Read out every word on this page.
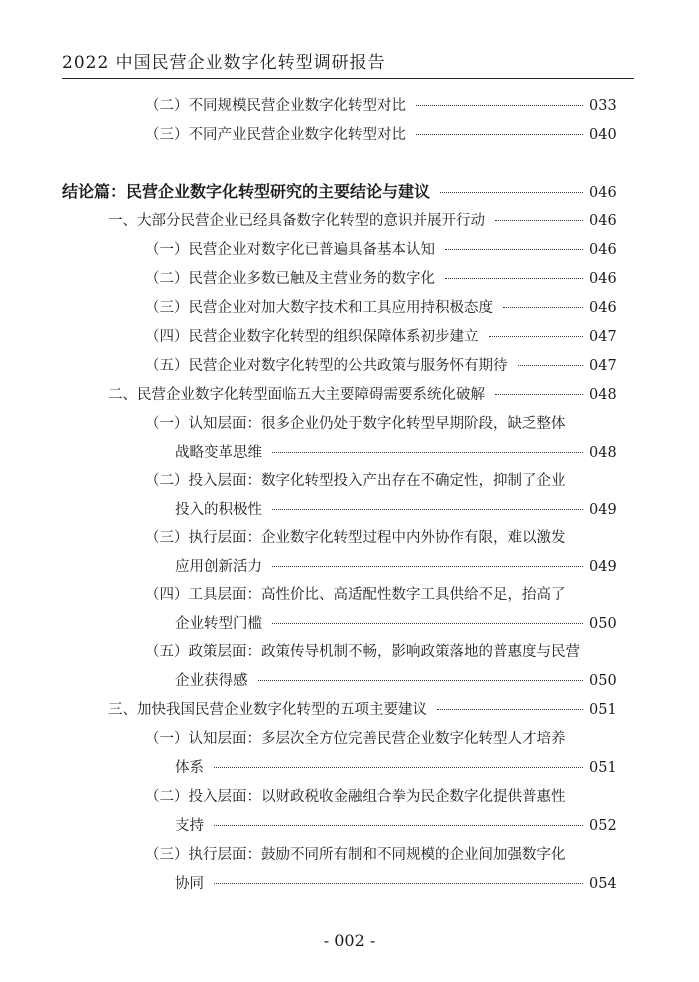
2022 中国民营企业数字化转型调研报告
（二）不同规模民营企业数字化转型对比	033
（三）不同产业民营企业数字化转型对比	040
结论篇：民营企业数字化转型研究的主要结论与建议	046
一、大部分民营企业已经具备数字化转型的意识并展开行动	046
（一）民营企业对数字化已普遍具备基本认知	046
（二）民营企业多数已触及主营业务的数字化	046
（三）民营企业对加大数字技术和工具应用持积极态度	046
（四）民营企业数字化转型的组织保障体系初步建立	047
（五）民营企业对数字化转型的公共政策与服务怀有期待	047
二、民营企业数字化转型面临五大主要障碍需要系统化破解	048
（一）认知层面：很多企业仍处于数字化转型早期阶段，缺乏整体
战略变革思维	048
（二）投入层面：数字化转型投入产出存在不确定性，抑制了企业
投入的积极性	049
（三）执行层面：企业数字化转型过程中内外协作有限，难以激发
应用创新活力	049
（四）工具层面：高性价比、高适配性数字工具供给不足，抬高了
企业转型门槛	050
（五）政策层面：政策传导机制不畅，影响政策落地的普惠度与民营
企业获得感	050
三、加快我国民营企业数字化转型的五项主要建议	051
（一）认知层面：多层次全方位完善民营企业数字化转型人才培养
体系	051
（二）投入层面：以财政税收金融组合拳为民企数字化提供普惠性
支持	052
（三）执行层面：鼓励不同所有制和不同规模的企业间加强数字化
协同	054
- 002 -
